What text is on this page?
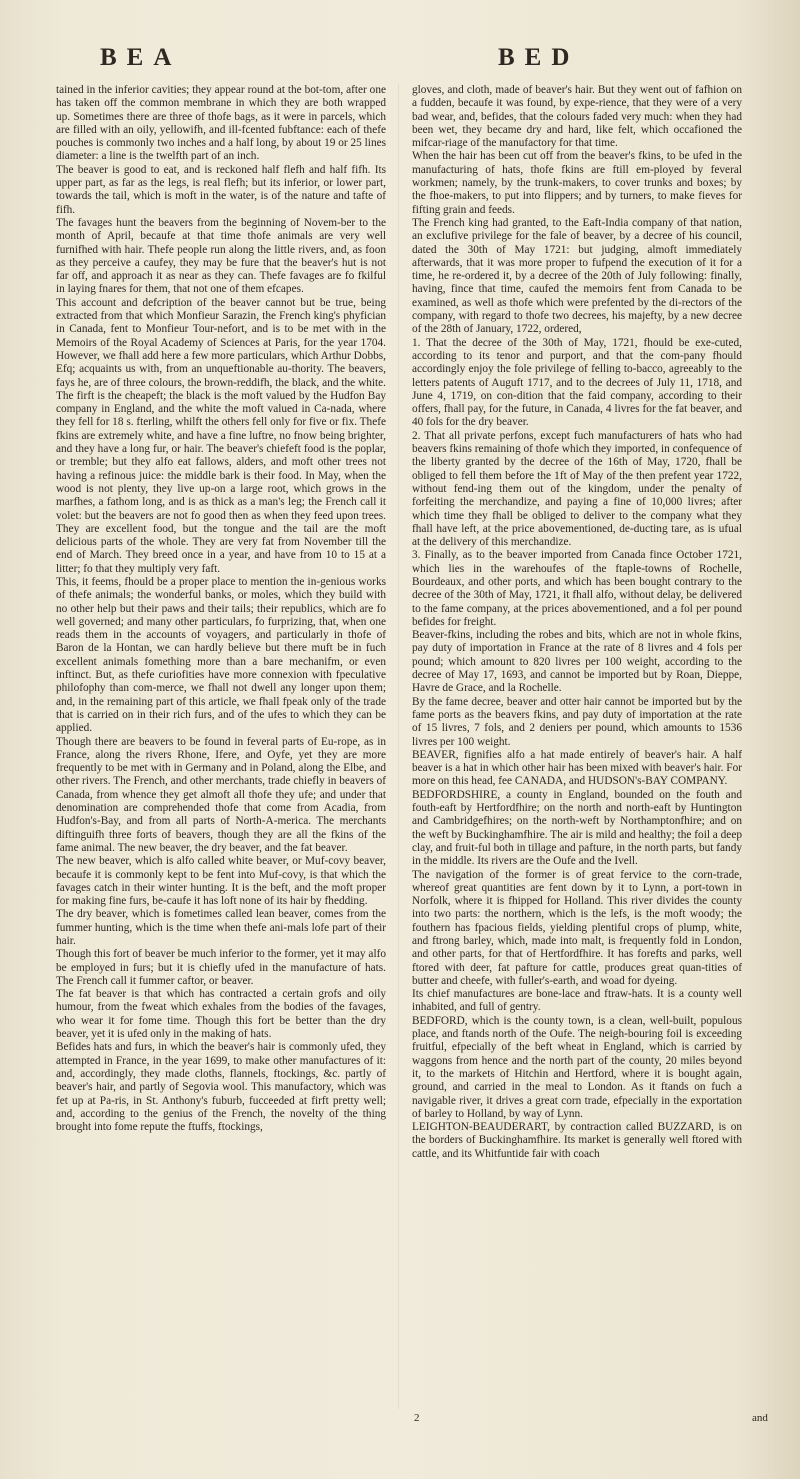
BEA	BED

tained in the inferior cavities; they appear round at the bot-tom, after one has taken off the common membrane in which they are both wrapped up. Sometimes there are three of thofe bags, as it were in parcels, which are filled with an oily, yellowifh, and ill-fcented fubftance: each of thefe pouches is commonly two inches and a half long, by about 19 or 25 lines diameter: a line is the twelfth part of an inch.

The beaver is good to eat, and is reckoned half flefh and half fifh. Its upper part, as far as the legs, is real flefh; but its inferior, or lower part, towards the tail, which is moft in the water, is of the nature and tafte of fifh.

The favages hunt the beavers from the beginning of Novem-ber to the month of April, becaufe at that time thofe animals are very well furnifhed with hair. Thefe people run along the little rivers, and, as foon as they perceive a caufey, they may be fure that the beaver's hut is not far off, and approach it as near as they can. Thefe favages are fo fkilful in laying fnares for them, that not one of them efcapes.

This account and defcription of the beaver cannot but be true, being extracted from that which Monfieur Sarazin, the French king's phyfician in Canada, fent to Monfieur Tour-nefort, and is to be met with in the Memoirs of the Royal Academy of Sciences at Paris, for the year 1704. However, we fhall add here a few more particulars, which Arthur Dobbs, Efq; acquaints us with, from an unqueftionable au-thority. The beavers, fays he, are of three colours, the brown-reddifh, the black, and the white. The firft is the cheapeft; the black is the moft valued by the Hudfon Bay company in England, and the white the moft valued in Ca-nada, where they fell for 18 s. fterling, whilft the others fell only for five or fix. Thefe fkins are extremely white, and have a fine luftre, no fnow being brighter, and they have a long fur, or hair. The beaver's chiefeft food is the poplar, or tremble; but they alfo eat fallows, alders, and moft other trees not having a refinous juice: the middle bark is their food. In May, when the wood is not plenty, they live up-on a large root, which grows in the marfhes, a fathom long, and is as thick as a man's leg; the French call it volet: but the beavers are not fo good then as when they feed upon trees. They are excellent food, but the tongue and the tail are the moft delicious parts of the whole. They are very fat from November till the end of March. They breed once in a year, and have from 10 to 15 at a litter; fo that they multiply very faft.

This, it feems, fhould be a proper place to mention the in-genious works of thefe animals; the wonderful banks, or moles, which they build with no other help but their paws and their tails; their republics, which are fo well governed; and many other particulars, fo furprizing, that, when one reads them in the accounts of voyagers, and particularly in thofe of Baron de la Hontan, we can hardly believe but there muft be in fuch excellent animals fomething more than a bare mechanifm, or even inftinct. But, as thefe curiofities have more connexion with fpeculative philofophy than com-merce, we fhall not dwell any longer upon them; and, in the remaining part of this article, we fhall fpeak only of the trade that is carried on in their rich furs, and of the ufes to which they can be applied.

Though there are beavers to be found in feveral parts of Eu-rope, as in France, along the rivers Rhone, Ifere, and Oyfe, yet they are more frequently to be met with in Germany and in Poland, along the Elbe, and other rivers. The French, and other merchants, trade chiefly in beavers of Canada, from whence they get almoft all thofe they ufe; and under that denomination are comprehended thofe that come from Acadia, from Hudfon's-Bay, and from all parts of North-A-merica. The merchants diftinguifh three forts of beavers, though they are all the fkins of the fame animal. The new beaver, the dry beaver, and the fat beaver.

The new beaver, which is alfo called white beaver, or Muf-covy beaver, becaufe it is commonly kept to be fent into Muf-covy, is that which the favages catch in their winter hunting. It is the beft, and the moft proper for making fine furs, be-caufe it has loft none of its hair by fhedding.

The dry beaver, which is fometimes called lean beaver, comes from the fummer hunting, which is the time when thefe ani-mals lofe part of their hair.

Though this fort of beaver be much inferior to the former, yet it may alfo be employed in furs; but it is chiefly ufed in the manufacture of hats. The French call it fummer caftor, or beaver.

The fat beaver is that which has contracted a certain grofs and oily humour, from the fweat which exhales from the bodies of the favages, who wear it for fome time. Though this fort be better than the dry beaver, yet it is ufed only in the making of hats.

Befides hats and furs, in which the beaver's hair is commonly ufed, they attempted in France, in the year 1699, to make other manufactures of it: and, accordingly, they made cloths, flannels, ftockings, &c. partly of beaver's hair, and partly of Segovia wool. This manufactory, which was fet up at Pa-ris, in St. Anthony's fuburb, fucceeded at firft pretty well; and, according to the genius of the French, the novelty of the thing brought into fome repute the ftuffs, ftockings,

gloves, and cloth, made of beaver's hair. But they went out of fafhion on a fudden, becaufe it was found, by expe-rience, that they were of a very bad wear, and, befides, that the colours faded very much: when they had been wet, they became dry and hard, like felt, which occafioned the mifcar-riage of the manufactory for that time.

When the hair has been cut off from the beaver's fkins, to be ufed in the manufacturing of hats, thofe fkins are ftill em-ployed by feveral workmen; namely, by the trunk-makers, to cover trunks and boxes; by the fhoe-makers, to put into flippers; and by turners, to make fieves for fifting grain and feeds.

The French king had granted, to the Eaft-India company of that nation, an exclufive privilege for the fale of beaver, by a decree of his council, dated the 30th of May 1721: but judging, almoft immediately afterwards, that it was more proper to fufpend the execution of it for a time, he re-ordered it, by a decree of the 20th of July following: finally, having, fince that time, caufed the memoirs fent from Canada to be examined, as well as thofe which were prefented by the di-rectors of the company, with regard to thofe two decrees, his majefty, by a new decree of the 28th of January, 1722, ordered,

1. That the decree of the 30th of May, 1721, fhould be exe-cuted, according to its tenor and purport, and that the com-pany fhould accordingly enjoy the fole privilege of felling to-bacco, agreeably to the letters patents of Auguft 1717, and to the decrees of July 11, 1718, and June 4, 1719, on con-dition that the faid company, according to their offers, fhall pay, for the future, in Canada, 4 livres for the fat beaver, and 40 fols for the dry beaver.

2. That all private perfons, except fuch manufacturers of hats who had beavers fkins remaining of thofe which they imported, in confequence of the liberty granted by the decree of the 16th of May, 1720, fhall be obliged to fell them before the 1ft of May of the then prefent year 1722, without fend-ing them out of the kingdom, under the penalty of forfeiting the merchandize, and paying a fine of 10,000 livres; after which time they fhall be obliged to deliver to the company what they fhall have left, at the price abovementioned, de-ducting tare, as is ufual at the delivery of this merchandize.

3. Finally, as to the beaver imported from Canada fince October 1721, which lies in the warehoufes of the ftaple-towns of Rochelle, Bourdeaux, and other ports, and which has been bought contrary to the decree of the 30th of May, 1721, it fhall alfo, without delay, be delivered to the fame company, at the prices abovementioned, and a fol per pound befides for freight.

Beaver-fkins, including the robes and bits, which are not in whole fkins, pay duty of importation in France at the rate of 8 livres and 4 fols per pound; which amount to 820 livres per 100 weight, according to the decree of May 17, 1693, and cannot be imported but by Roan, Dieppe, Havre de Grace, and la Rochelle.

By the fame decree, beaver and otter hair cannot be imported but by the fame ports as the beavers fkins, and pay duty of importation at the rate of 15 livres, 7 fols, and 2 deniers per pound, which amounts to 1536 livres per 100 weight.

BEAVER, fignifies alfo a hat made entirely of beaver's hair. A half beaver is a hat in which other hair has been mixed with beaver's hair. For more on this head, fee CANADA, and HUDSON's-BAY COMPANY.

BEDFORDSHIRE, a county in England, bounded on the fouth and fouth-eaft by Hertfordfhire; on the north and north-eaft by Huntington and Cambridgefhires; on the north-weft by Northamptonfhire; and on the weft by Buckinghamfhire. The air is mild and healthy; the foil a deep clay, and fruit-ful both in tillage and pafture, in the north parts, but fandy in the middle. Its rivers are the Oufe and the Ivell.

The navigation of the former is of great fervice to the corn-trade, whereof great quantities are fent down by it to Lynn, a port-town in Norfolk, where it is fhipped for Holland. This river divides the county into two parts: the northern, which is the lefs, is the moft woody; the fouthern has fpacious fields, yielding plentiful crops of plump, white, and ftrong barley, which, made into malt, is frequently fold in London, and other parts, for that of Hertfordfhire. It has forefts and parks, well ftored with deer, fat pafture for cattle, produces great quan-tities of butter and cheefe, with fuller's-earth, and woad for dyeing.

Its chief manufactures are bone-lace and ftraw-hats. It is a county well inhabited, and full of gentry.

BEDFORD, which is the county town, is a clean, well-built, populous place, and ftands north of the Oufe. The neigh-bouring foil is exceeding fruitful, efpecially of the beft wheat in England, which is carried by waggons from hence and the north part of the county, 20 miles beyond it, to the markets of Hitchin and Hertford, where it is bought again, ground, and carried in the meal to London. As it ftands on fuch a navigable river, it drives a great corn trade, efpecially in the exportation of barley to Holland, by way of Lynn.

LEIGHTON-BEAUDERART, by contraction called BUZZARD, is on the borders of Buckinghamfhire. Its market is generally well ftored with cattle, and its Whitfuntide fair with coach

2	and
